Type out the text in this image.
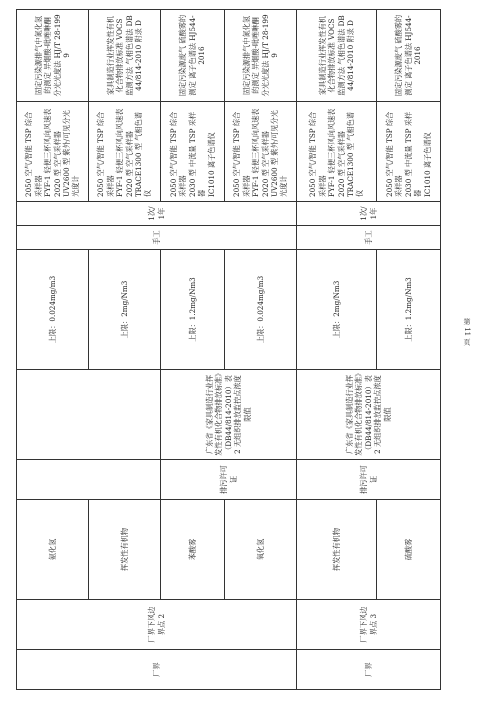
厂界	厂界下风边界点 2	氨化氢			上限：0.024mg/m3	手工	1次/1年	2050 空气/智能 TSP 综合采样器 FYF-1 轻便三杯风向风速表 2020 型 空气采样器 UV2600 型 紫外/可见分光光度计	固定污染源排气中氮化氢的测定 异烟酸-吡唑啉酮分光光度法 HJ/T 28-1999

		挥发性有机物			上限：2mg/Nm3			2050 空气/智能 TSP 综合采样器 FYF-1 轻便三杯风向风速表 2020 型 空气采样器 TRACE1300 型 气相色谱仪	家具制造行业挥发性有机化合物排放标准 VOCS 监测方法 气相色谱法 DB 44/814-2010 附录 D

		苯酸雾	排污许可证	广东省《家具制造行业挥发性有机化合物排放标准》（DB44/814-2010）表 2 无组织排放监控点浓度限值	上限：1.2mg/Nm3			2050 空气/智能 TSP 综合采样器 2030 型 中流量 TSP 采样器 IC1010 离子色谱仪	固定污染源废气 硫酸雾的测定 离子色谱法 HJ544-2016

		氧化氢			上限：0.024mg/m3			2050 空气/智能 TSP 综合采样器 FYF-1 轻便三杯风向风速表 2020 型 空气采样器 UV2600 型 紫外/可见分光光度计	固定污染源排气中氮化氢的测定 异烟酸-吡唑啉酮分光光度法 HJ/T 28-1999

厂界	厂界下风边界点 3	挥发性有机物	排污许可证	广东省《家具制造行业挥发性有机化合物排放标准》（DB44/814-2010）表 2 无组织排放监控点浓度限值	上限：2mg/Nm3	手工	1次/1年	2050 空气/智能 TSP 综合采样器 FYF-1 轻便三杯风向风速表 2020 型 空气采样器 TRACE1300 型 气相色谱仪	家具制造行业挥发性有机化合物排放标准 VOCS 监测方法 气相色谱法 DB 44/814-2010 附录 D

		硫酸雾			上限：1.2mg/Nm3			2050 空气/智能 TSP 综合采样器 2030 型 中流量 TSP 采样器 IC1010 离子色谱仪	固定污染源废气 硫酸雾的测定 离子色谱法 HJ544-2016
第 11 页
